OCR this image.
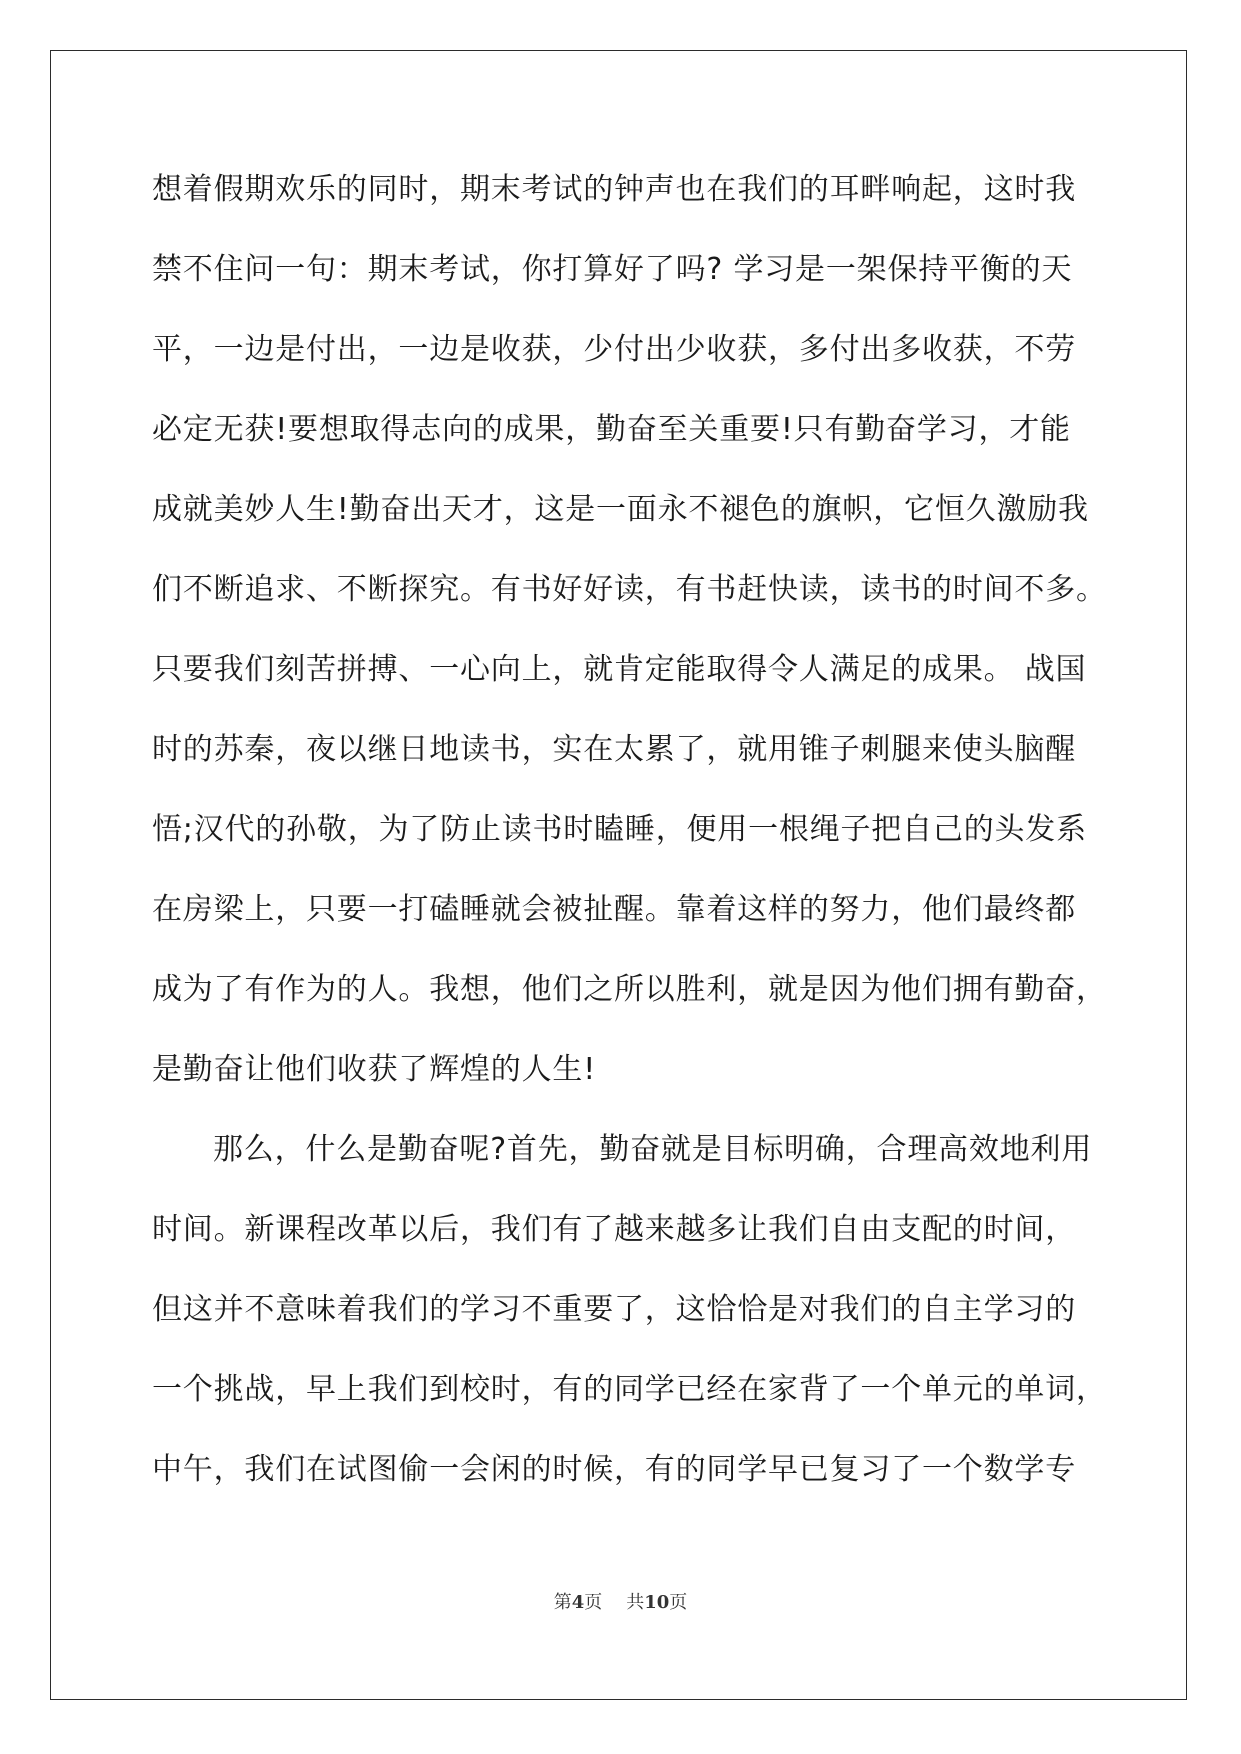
想着假期欢乐的同时，期末考试的钟声也在我们的耳畔响起，这时我
禁不住问一句：期末考试，你打算好了吗? 学习是一架保持平衡的天
平，一边是付出，一边是收获，少付出少收获，多付出多收获，不劳
必定无获!要想取得志向的成果，勤奋至关重要!只有勤奋学习，才能
成就美妙人生!勤奋出天才，这是一面永不褪色的旗帜，它恒久激励我
们不断追求、不断探究。有书好好读，有书赶快读，读书的时间不多。
只要我们刻苦拼搏、一心向上，就肯定能取得令人满足的成果。 战国
时的苏秦，夜以继日地读书，实在太累了，就用锥子刺腿来使头脑醒
悟;汉代的孙敬，为了防止读书时瞌睡，便用一根绳子把自己的头发系
在房梁上，只要一打磕睡就会被扯醒。靠着这样的努力，他们最终都
成为了有作为的人。我想，他们之所以胜利，就是因为他们拥有勤奋，
是勤奋让他们收获了辉煌的人生!
那么，什么是勤奋呢?首先，勤奋就是目标明确，合理高效地利用
时间。新课程改革以后，我们有了越来越多让我们自由支配的时间，
但这并不意味着我们的学习不重要了，这恰恰是对我们的自主学习的
一个挑战，早上我们到校时，有的同学已经在家背了一个单元的单词，
中午，我们在试图偷一会闲的时候，有的同学早已复习了一个数学专
第4页 共10页
